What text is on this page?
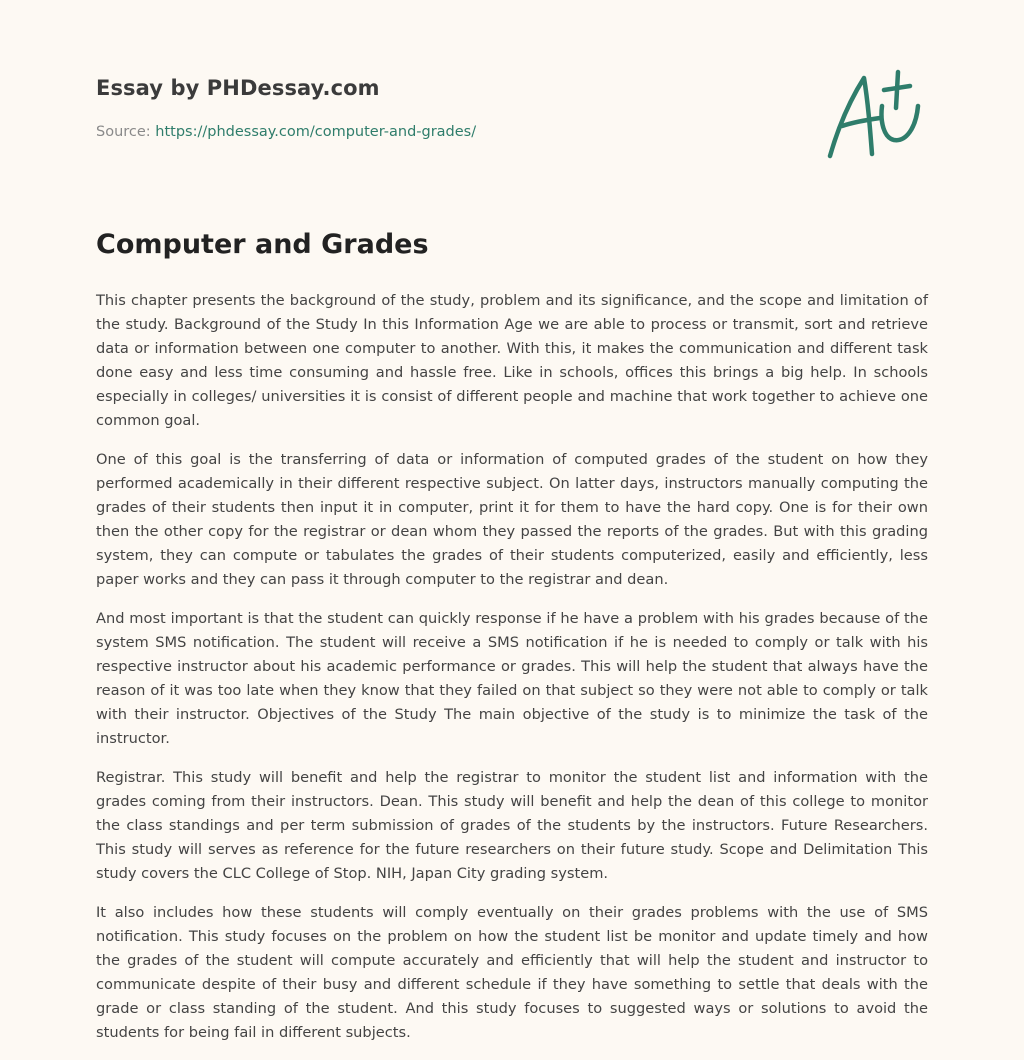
Essay by PHDessay.com

Source: https://phdessay.com/computer-and-grades/

Computer and Grades

This chapter presents the background of the study, problem and its significance, and the scope and limitation of the study. Background of the Study In this Information Age we are able to process or transmit, sort and retrieve data or information between one computer to another. With this, it makes the communication and different task done easy and less time consuming and hassle free. Like in schools, offices this brings a big help. In schools especially in colleges/ universities it is consist of different people and machine that work together to achieve one common goal.

One of this goal is the transferring of data or information of computed grades of the student on how they performed academically in their different respective subject. On latter days, instructors manually computing the grades of their students then input it in computer, print it for them to have the hard copy. One is for their own then the other copy for the registrar or dean whom they passed the reports of the grades. But with this grading system, they can compute or tabulates the grades of their students computerized, easily and efficiently, less paper works and they can pass it through computer to the registrar and dean.

And most important is that the student can quickly response if he have a problem with his grades because of the system SMS notification. The student will receive a SMS notification if he is needed to comply or talk with his respective instructor about his academic performance or grades. This will help the student that always have the reason of it was too late when they know that they failed on that subject so they were not able to comply or talk with their instructor. Objectives of the Study The main objective of the study is to minimize the task of the instructor.

Registrar. This study will benefit and help the registrar to monitor the student list and information with the grades coming from their instructors. Dean. This study will benefit and help the dean of this college to monitor the class standings and per term submission of grades of the students by the instructors. Future Researchers. This study will serves as reference for the future researchers on their future study. Scope and Delimitation This study covers the CLC College of Stop. NIH, Japan City grading system.

It also includes how these students will comply eventually on their grades problems with the use of SMS notification. This study focuses on the problem on how the student list be monitor and update timely and how the grades of the student will compute accurately and efficiently that will help the student and instructor to communicate despite of their busy and different schedule if they have something to settle that deals with the grade or class standing of the student. And this study focuses to suggested ways or solutions to avoid the students for being fail in different subjects.
